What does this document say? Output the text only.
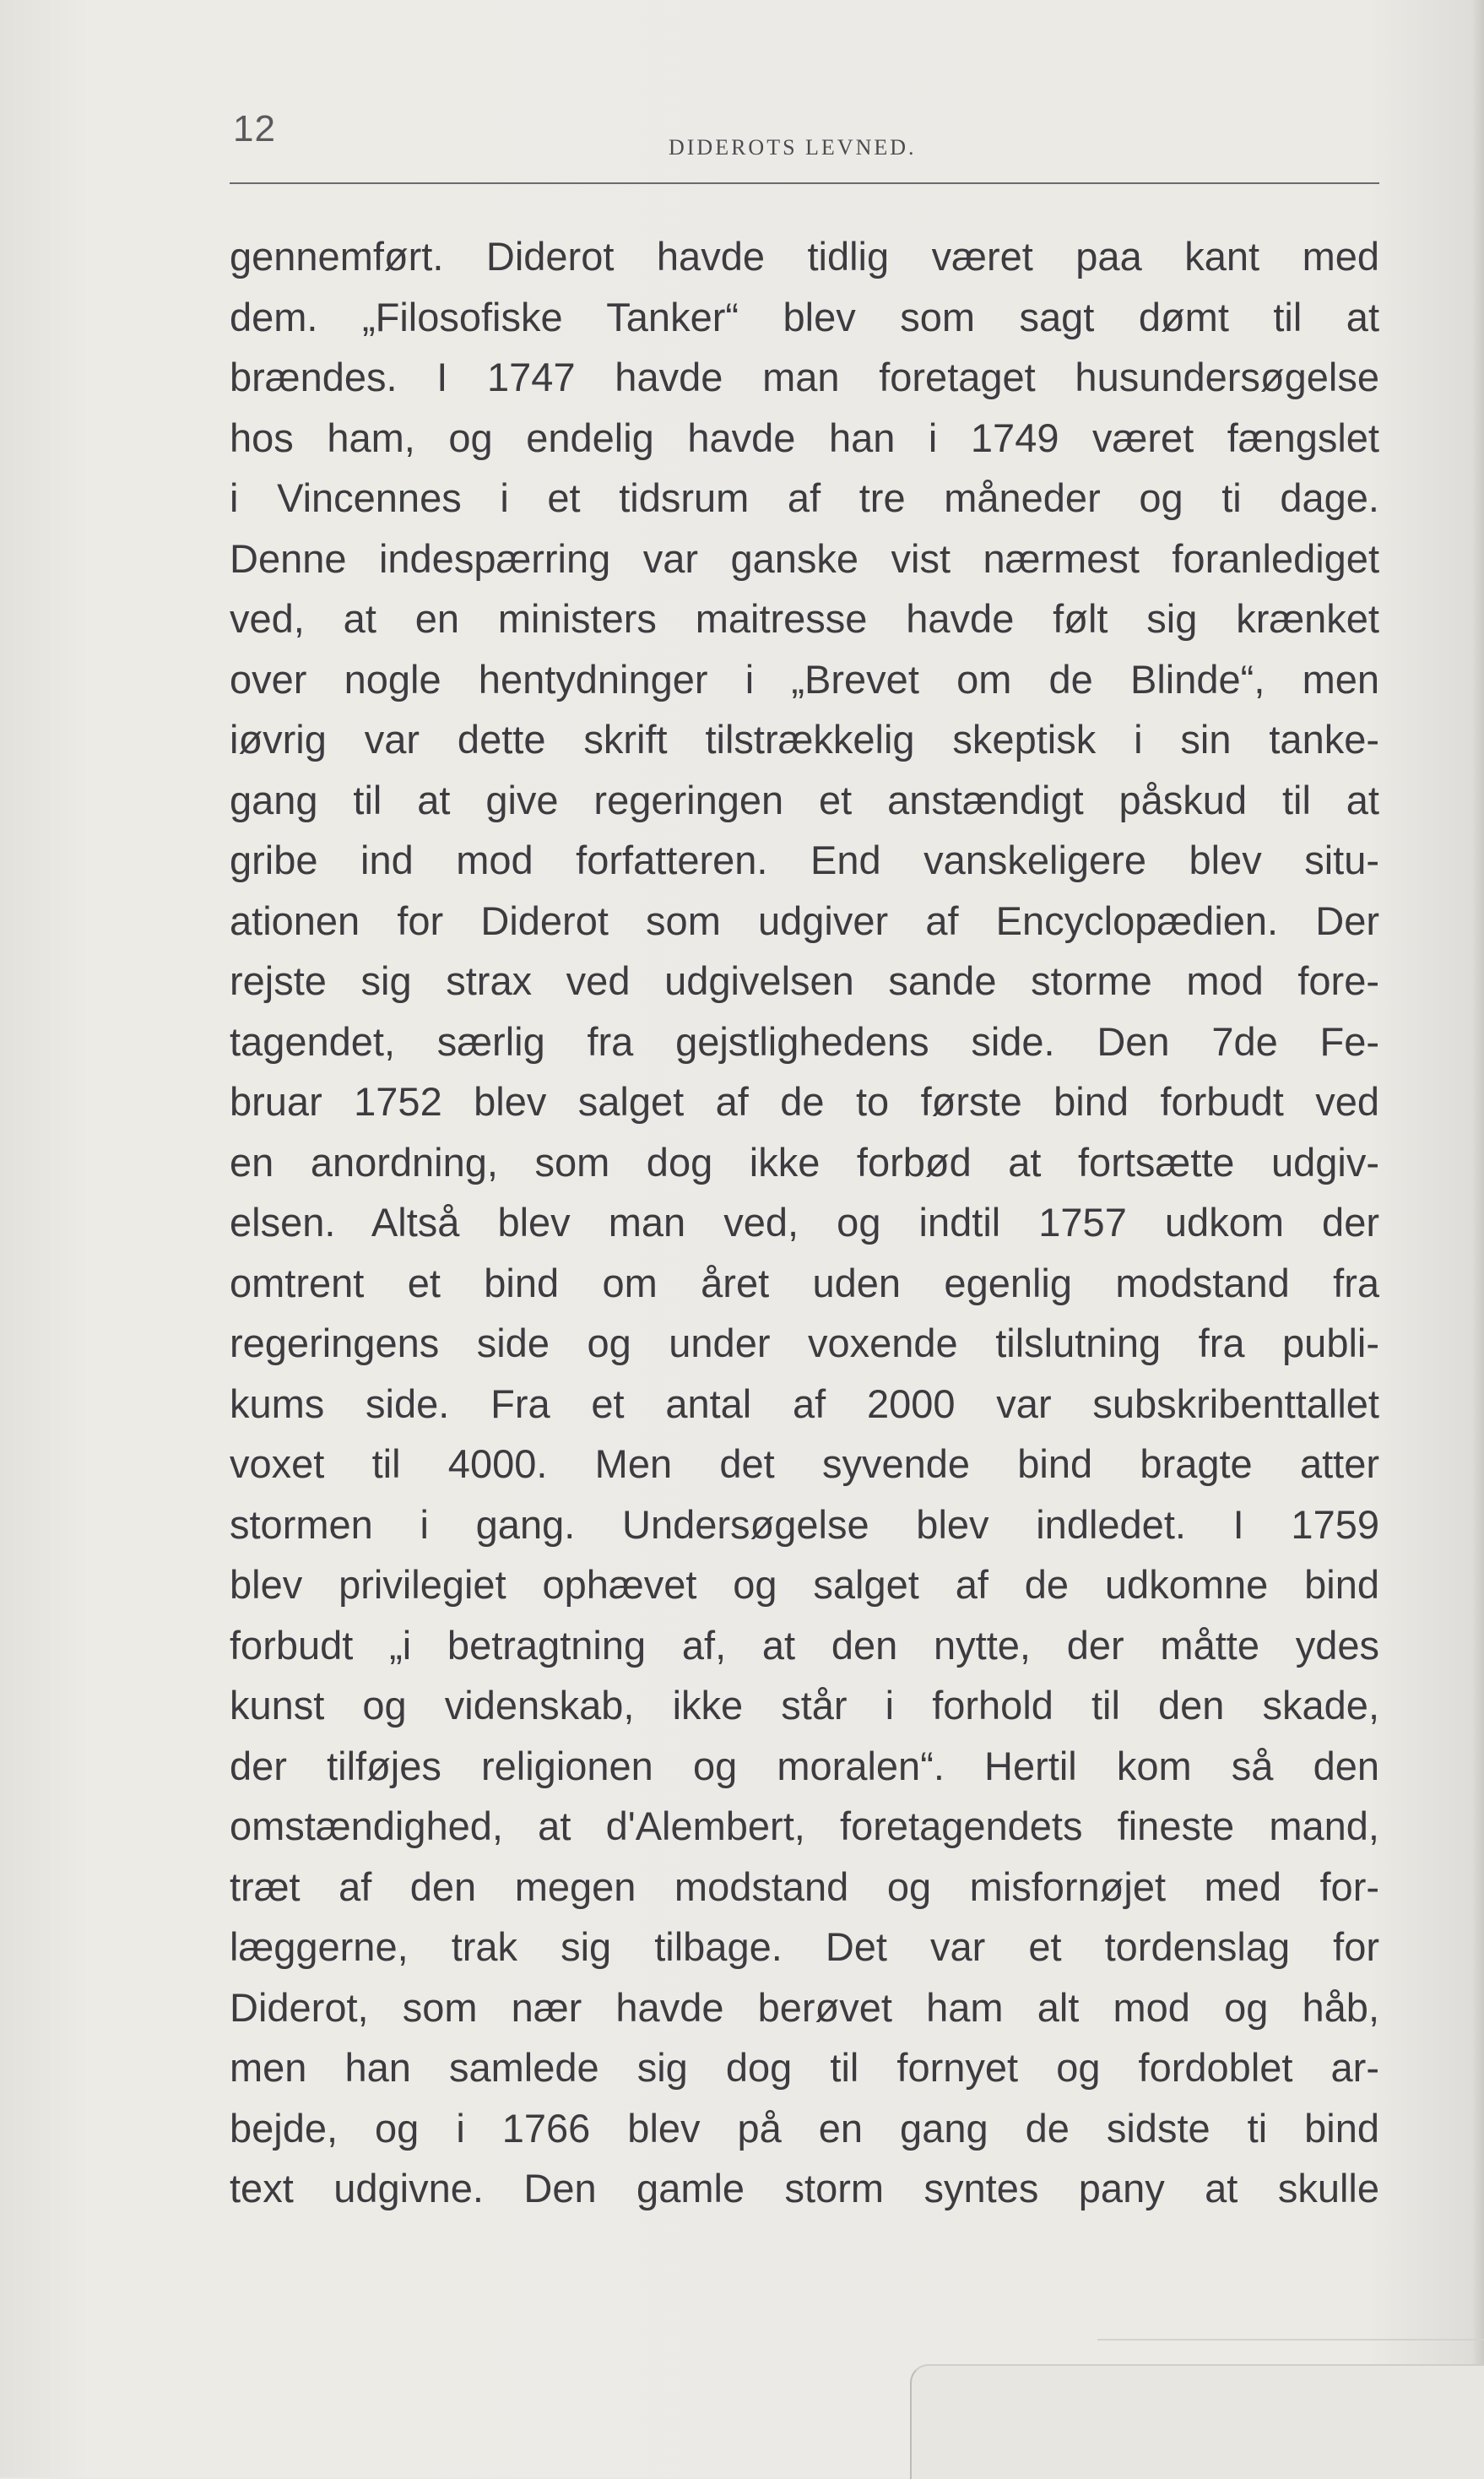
12	DIDEROTS LEVNED.
gennemført. Diderot havde tidlig været paa kant med
dem. „Filosofiske Tanker“ blev som sagt dømt til at
brændes. I 1747 havde man foretaget husundersøgelse
hos ham, og endelig havde han i 1749 været fængslet
i Vincennes i et tidsrum af tre måneder og ti dage.
Denne indespærring var ganske vist nærmest foranlediget
ved, at en ministers maitresse havde følt sig krænket
over nogle hentydninger i „Brevet om de Blinde“, men
iøvrig var dette skrift tilstrækkelig skeptisk i sin tanke-
gang til at give regeringen et anstændigt påskud til at
gribe ind mod forfatteren. End vanskeligere blev situ-
ationen for Diderot som udgiver af Encyclopædien. Der
rejste sig strax ved udgivelsen sande storme mod fore-
tagendet, særlig fra gejstlighedens side. Den 7de Fe-
bruar 1752 blev salget af de to første bind forbudt ved
en anordning, som dog ikke forbød at fortsætte udgiv-
elsen. Altså blev man ved, og indtil 1757 udkom der
omtrent et bind om året uden egenlig modstand fra
regeringens side og under voxende tilslutning fra publi-
kums side. Fra et antal af 2000 var subskribenttallet
voxet til 4000. Men det syvende bind bragte atter
stormen i gang. Undersøgelse blev indledet. I 1759
blev privilegiet ophævet og salget af de udkomne bind
forbudt „i betragtning af, at den nytte, der måtte ydes
kunst og videnskab, ikke står i forhold til den skade,
der tilføjes religionen og moralen“. Hertil kom så den
omstændighed, at d'Alembert, foretagendets fineste mand,
træt af den megen modstand og misfornøjet med for-
læggerne, trak sig tilbage. Det var et tordenslag for
Diderot, som nær havde berøvet ham alt mod og håb,
men han samlede sig dog til fornyet og fordoblet ar-
bejde, og i 1766 blev på en gang de sidste ti bind
text udgivne. Den gamle storm syntes pany at skulle
